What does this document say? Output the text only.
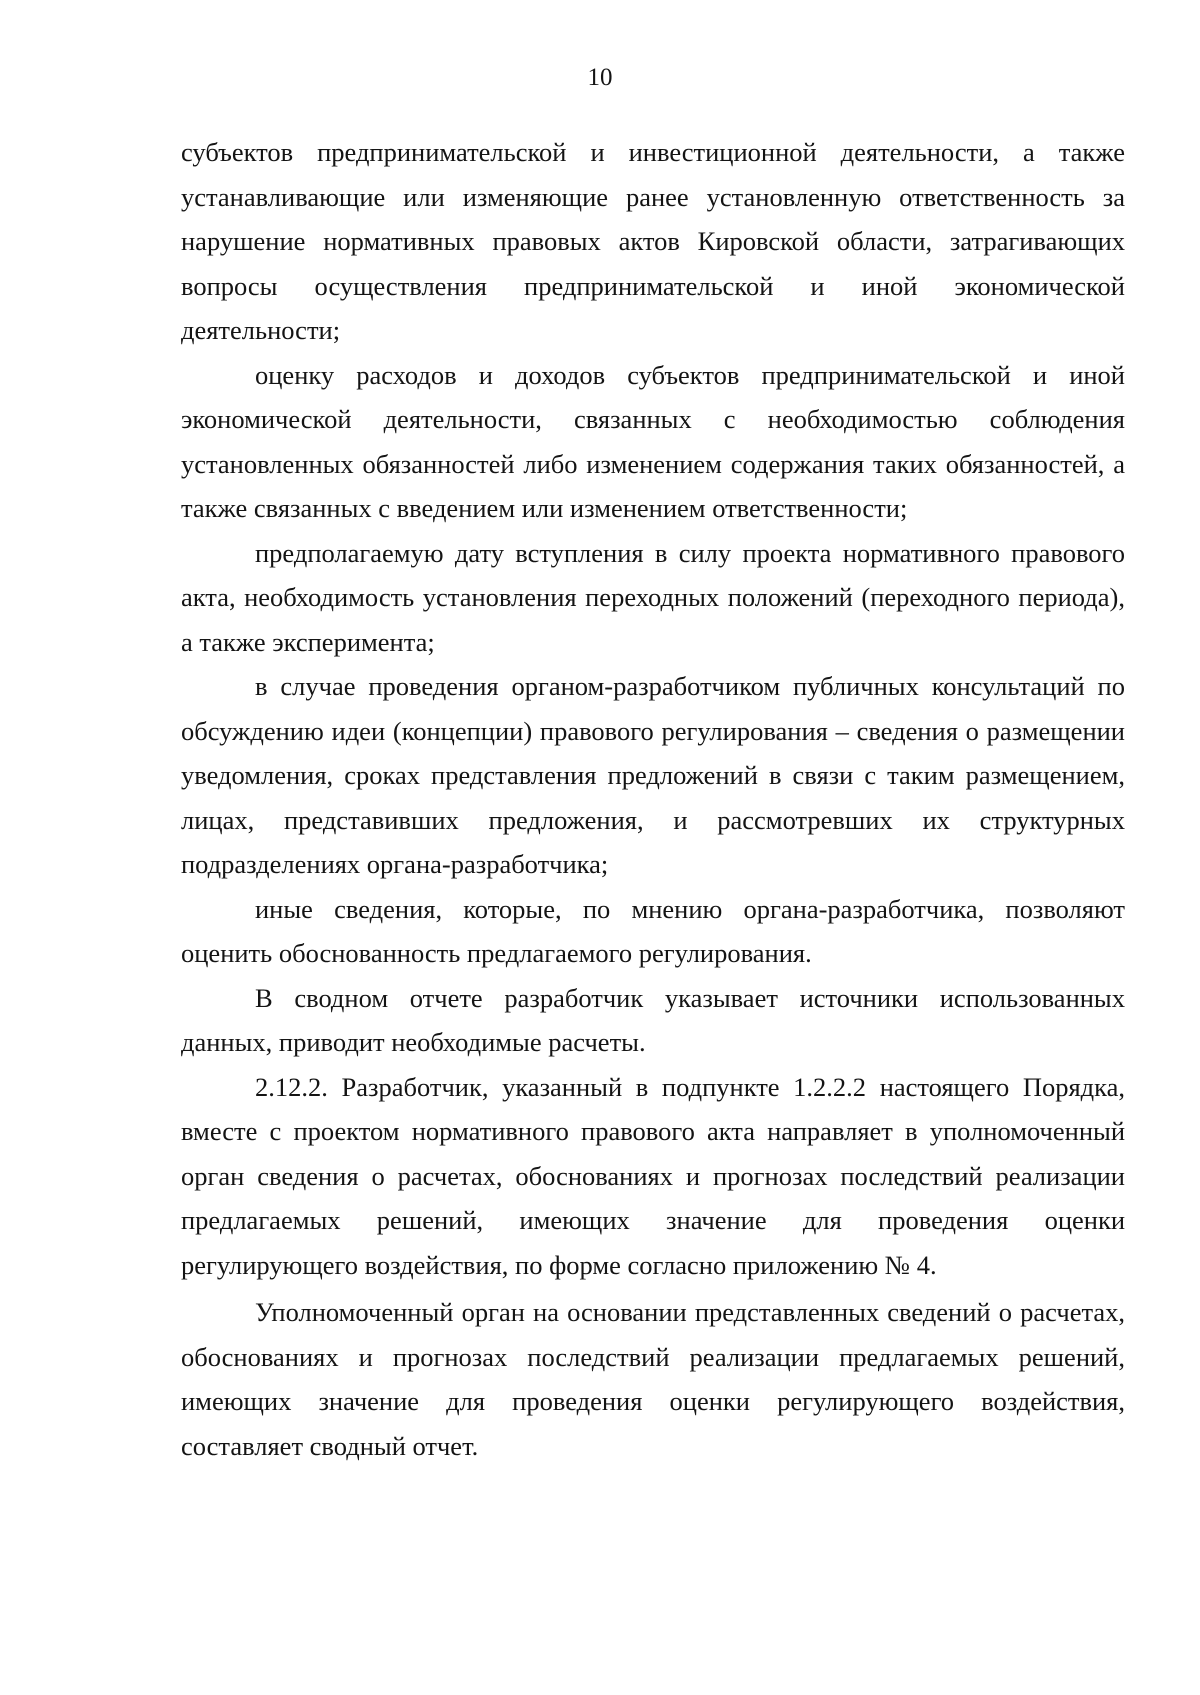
10

субъектов предпринимательской и инвестиционной деятельности, а также устанавливающие или изменяющие ранее установленную ответственность за нарушение нормативных правовых актов Кировской области, затрагивающих вопросы осуществления предпринимательской и иной экономической деятельности;

оценку расходов и доходов субъектов предпринимательской и иной экономической деятельности, связанных с необходимостью соблюдения установленных обязанностей либо изменением содержания таких обязанностей, а также связанных с введением или изменением ответственности;

предполагаемую дату вступления в силу проекта нормативного правового акта, необходимость установления переходных положений (переходного периода), а также эксперимента;

в случае проведения органом-разработчиком публичных консультаций по обсуждению идеи (концепции) правового регулирования – сведения о размещении уведомления, сроках представления предложений в связи с таким размещением, лицах, представивших предложения, и рассмотревших их структурных подразделениях органа-разработчика;

иные сведения, которые, по мнению органа-разработчика, позволяют оценить обоснованность предлагаемого регулирования.

В сводном отчете разработчик указывает источники использованных данных, приводит необходимые расчеты.

2.12.2. Разработчик, указанный в подпункте 1.2.2.2 настоящего Порядка, вместе с проектом нормативного правового акта направляет в уполномоченный орган сведения о расчетах, обоснованиях и прогнозах последствий реализации предлагаемых решений, имеющих значение для проведения оценки регулирующего воздействия, по форме согласно приложению № 4.

Уполномоченный орган на основании представленных сведений о расчетах, обоснованиях и прогнозах последствий реализации предлагаемых решений, имеющих значение для проведения оценки регулирующего воздействия, составляет сводный отчет.
